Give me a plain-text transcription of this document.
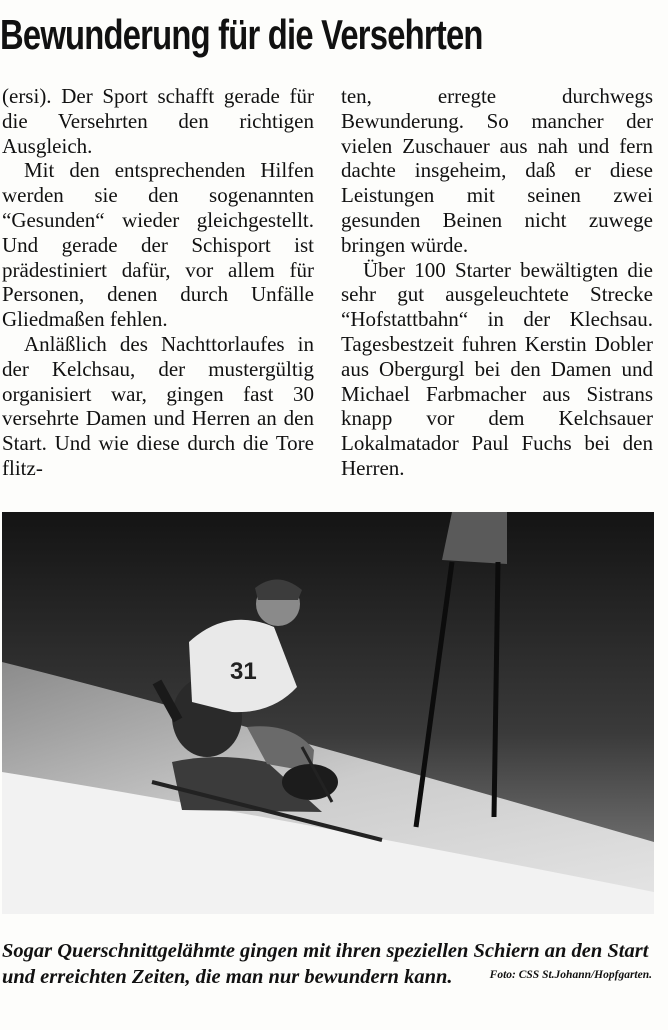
Bewunderung für die Versehrten

(ersi). Der Sport schafft gerade für die Versehrten den richtigen Ausgleich.

Mit den entsprechenden Hilfen werden sie den sogenannten “Gesunden“ wieder gleichgestellt. Und gerade der Schisport ist prädestiniert dafür, vor allem für Personen, denen durch Unfälle Gliedmaßen fehlen.

Anläßlich des Nachttorlaufes in der Kelchsau, der mustergültig organisiert war, gingen fast 30 versehrte Damen und Herren an den Start. Und wie diese durch die Tore flitz-

ten, erregte durchwegs Bewunderung. So mancher der vielen Zuschauer aus nah und fern dachte insgeheim, daß er diese Leistungen mit seinen zwei gesunden Beinen nicht zuwege bringen würde.

Über 100 Starter bewältigten die sehr gut ausgeleuchtete Strecke “Hofstattbahn“ in der Klechsau. Tagesbestzeit fuhren Kerstin Dobler aus Obergurgl bei den Damen und Michael Farbmacher aus Sistrans knapp vor dem Kelchsauer Lokalmatador Paul Fuchs bei den Herren.

31
Sogar Querschnittgelähmte gingen mit ihren speziellen Schiern an den Start und erreichten Zeiten, die man nur bewundern kann.	Foto: CSS St.Johann/Hopfgarten.
